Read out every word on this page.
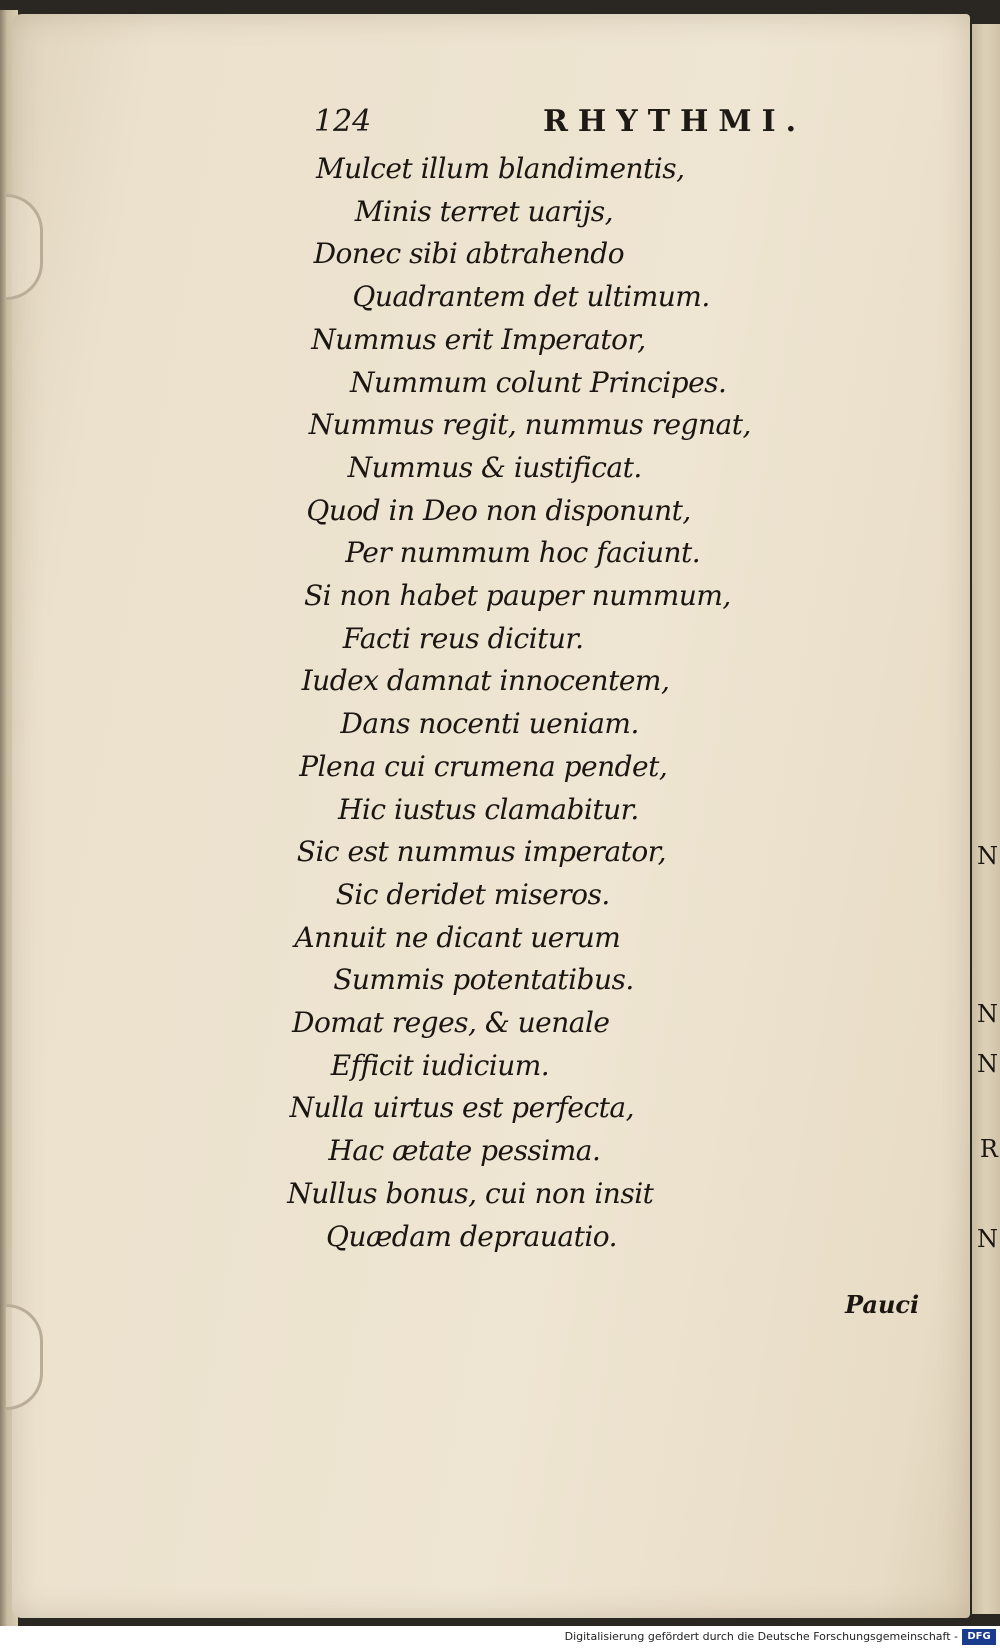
124	RHYTHMI.
Mulcet illum blandimentis,
Minis terret uarijs,
Donec sibi abtrahendo
Quadrantem det ultimum.
Nummus erit Imperator,
Nummum colunt Principes.
Nummus regit, nummus regnat,
Nummus & iustificat.
Quod in Deo non disponunt,
Per nummum hoc faciunt.
Si non habet pauper nummum,
Facti reus dicitur.
Iudex damnat innocentem,
Dans nocenti ueniam.
Plena cui crumena pendet,
Hic iustus clamabitur.
Sic est nummus imperator,
Sic deridet miseros.
Annuit ne dicant uerum
Summis potentatibus.
Domat reges, & uenale
Efficit iudicium.
Nulla uirtus est perfecta,
Hac ætate pessima.
Nullus bonus, cui non insit
Quædam deprauatio.
Pauci
N
N
N
R
N
Digitalisierung gefördert durch die Deutsche Forschungsgemeinschaft - DFG
